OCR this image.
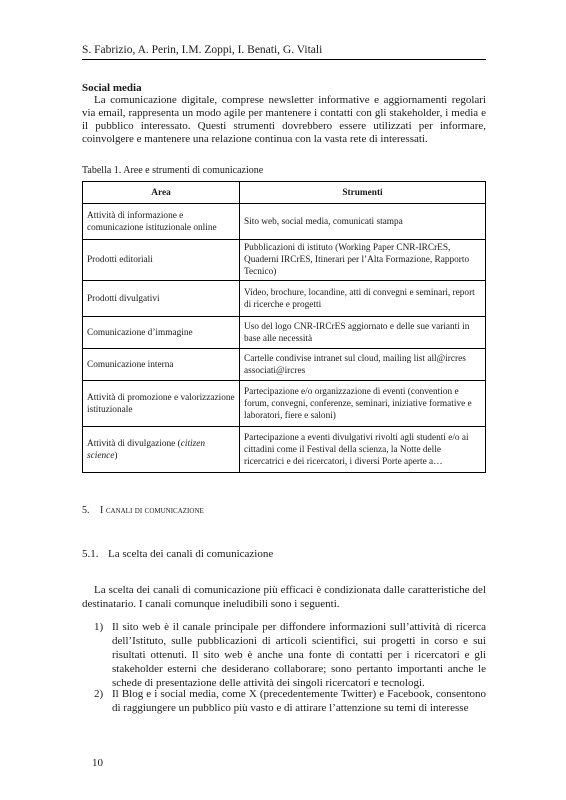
S. Fabrizio, A. Perin, I.M. Zoppi, I. Benati, G. Vitali
Social media

La comunicazione digitale, comprese newsletter informative e aggiornamenti regolari via email, rappresenta un modo agile per mantenere i contatti con gli stakeholder, i media e il pubblico interessato. Questi strumenti dovrebbero essere utilizzati per informare, coinvolgere e mantenere una relazione continua con la vasta rete di interessati.

Tabella 1. Aree e strumenti di comunicazione
Area	Strumenti
Attività di informazione e comunicazione istituzionale online	Sito web, social media, comunicati stampa
Prodotti editoriali	Pubblicazioni di istituto (Working Paper CNR-IRCrES, Quaderni IRCrES, Itinerari per l’Alta Formazione, Rapporto Tecnico)
Prodotti divulgativi	Video, brochure, locandine, atti di convegni e seminari, report di ricerche e progetti
Comunicazione d’immagine	Uso del logo CNR-IRCrES aggiornato e delle sue varianti in base alle necessità
Comunicazione interna	Cartelle condivise intranet sul cloud, mailing list all@ircres associati@ircres
Attività di promozione e valorizzazione istituzionale	Partecipazione e/o organizzazione di eventi (convention e forum, convegni, conferenze, seminari, iniziative formative e laboratori, fiere e saloni)
Attività di divulgazione (citizen science)	Partecipazione a eventi divulgativi rivolti agli studenti e/o ai cittadini come il Festival della scienza, la Notte delle ricercatrici e dei ricercatori, i diversi Porte aperte a…
5. I canali di comunicazione
5.1. La scelta dei canali di comunicazione

La scelta dei canali di comunicazione più efficaci è condizionata dalle caratteristiche del destinatario. I canali comunque ineludibili sono i seguenti.

1) Il sito web è il canale principale per diffondere informazioni sull’attività di ricerca dell’Istituto, sulle pubblicazioni di articoli scientifici, sui progetti in corso e sui risultati ottenuti. Il sito web è anche una fonte di contatti per i ricercatori e gli stakeholder esterni che desiderano collaborare; sono pertanto importanti anche le schede di presentazione delle attività dei singoli ricercatori e tecnologi.
2) Il Blog e i social media, come X (precedentemente Twitter) e Facebook, consentono di raggiungere un pubblico più vasto e di attirare l’attenzione su temi di interesse
10
